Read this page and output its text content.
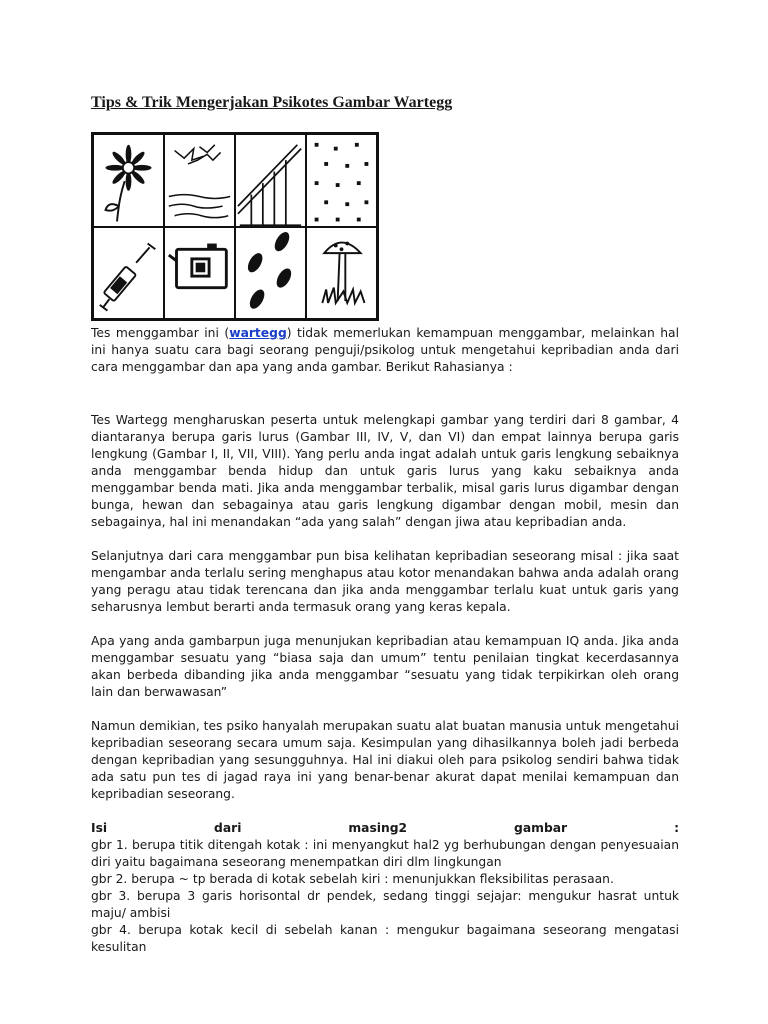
Tips & Trik Mengerjakan Psikotes Gambar Wartegg

Tes menggambar ini (wartegg) tidak memerlukan kemampuan menggambar, melainkan hal ini hanya suatu cara bagi seorang penguji/psikolog untuk mengetahui kepribadian anda dari cara menggambar dan apa yang anda gambar. Berikut Rahasianya :

Tes Wartegg mengharuskan peserta untuk melengkapi gambar yang terdiri dari 8 gambar, 4 diantaranya berupa garis lurus (Gambar III, IV, V, dan VI) dan empat lainnya berupa garis lengkung (Gambar I, II, VII, VIII). Yang perlu anda ingat adalah untuk garis lengkung sebaiknya anda menggambar benda hidup dan untuk garis lurus yang kaku sebaiknya anda menggambar benda mati. Jika anda menggambar terbalik, misal garis lurus digambar dengan bunga, hewan dan sebagainya atau garis lengkung digambar dengan mobil, mesin dan sebagainya, hal ini menandakan “ada yang salah” dengan jiwa atau kepribadian anda.

Selanjutnya dari cara menggambar pun bisa kelihatan kepribadian seseorang misal : jika saat mengambar anda terlalu sering menghapus atau kotor menandakan bahwa anda adalah orang yang peragu atau tidak terencana dan jika anda menggambar terlalu kuat untuk garis yang seharusnya lembut berarti anda termasuk orang yang keras kepala.

Apa yang anda gambarpun juga menunjukan kepribadian atau kemampuan IQ anda. Jika anda menggambar sesuatu yang “biasa saja dan umum” tentu penilaian tingkat kecerdasannya akan berbeda dibanding jika anda menggambar “sesuatu yang tidak terpikirkan oleh orang lain dan berwawasan”

Namun demikian, tes psiko hanyalah merupakan suatu alat buatan manusia untuk mengetahui kepribadian seseorang secara umum saja. Kesimpulan yang dihasilkannya boleh jadi berbeda dengan kepribadian yang sesungguhnya. Hal ini diakui oleh para psikolog sendiri bahwa tidak ada satu pun tes di jagad raya ini yang benar-benar akurat dapat menilai kemampuan dan kepribadian seseorang.

Isi	dari	masing2	gambar	:

gbr 1. berupa titik ditengah kotak : ini menyangkut hal2 yg berhubungan dengan penyesuaian diri yaitu bagaimana seseorang menempatkan diri dlm lingkungan

gbr 2. berupa ~ tp berada di kotak sebelah kiri : menunjukkan fleksibilitas perasaan.

gbr 3. berupa 3 garis horisontal dr pendek, sedang tinggi sejajar: mengukur hasrat untuk maju/ ambisi

gbr 4. berupa kotak kecil di sebelah kanan : mengukur bagaimana seseorang mengatasi kesulitan
